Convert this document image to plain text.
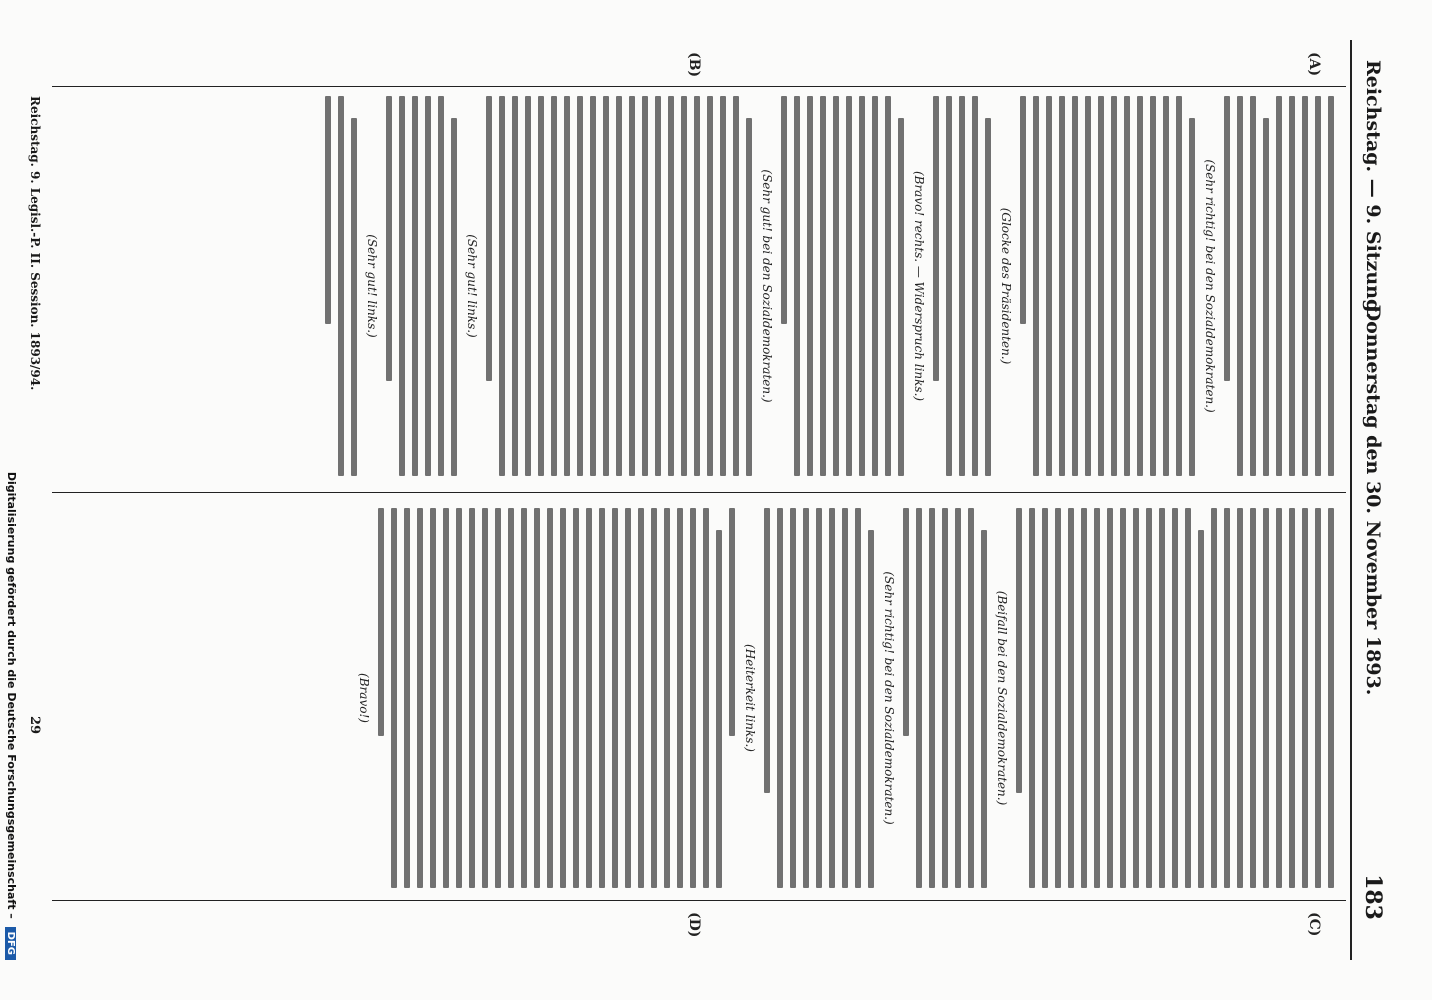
Reichstag. — 9. Sitzung.
Donnerstag den 30. November 1893.
183
(A)
(B)
(C)
(D)
(Sehr richtig! bei den Sozialdemokraten.)
(Glocke des Präsidenten.)
(Bravo! rechts. — Widerspruch links.)
(Sehr gut! bei den Sozialdemokraten.)
(Sehr gut! links.)
(Sehr gut! links.)
(Beifall bei den Sozialdemokraten.)
(Sehr richtig! bei den Sozialdemokraten.)
(Heiterkeit links.)
(Bravo!)
Reichstag. 9. Legisl.-P. II. Session. 1893/94.
29
Digitalisierung gefördert durch die Deutsche Forschungsgemeinschaft – DFG
